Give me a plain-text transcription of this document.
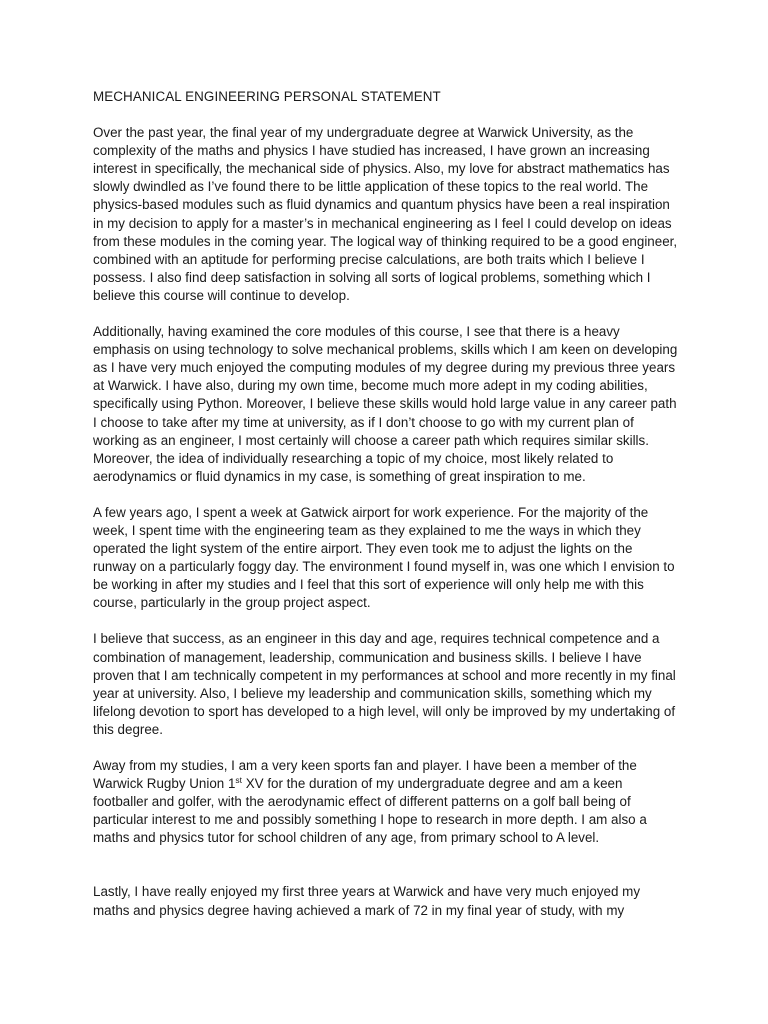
MECHANICAL ENGINEERING PERSONAL STATEMENT

Over the past year, the final year of my undergraduate degree at Warwick University, as the complexity of the maths and physics I have studied has increased, I have grown an increasing interest in specifically, the mechanical side of physics. Also, my love for abstract mathematics has slowly dwindled as I’ve found there to be little application of these topics to the real world. The physics-based modules such as fluid dynamics and quantum physics have been a real inspiration in my decision to apply for a master’s in mechanical engineering as I feel I could develop on ideas from these modules in the coming year. The logical way of thinking required to be a good engineer, combined with an aptitude for performing precise calculations, are both traits which I believe I possess. I also find deep satisfaction in solving all sorts of logical problems, something which I believe this course will continue to develop.

Additionally, having examined the core modules of this course, I see that there is a heavy emphasis on using technology to solve mechanical problems, skills which I am keen on developing as I have very much enjoyed the computing modules of my degree during my previous three years at Warwick. I have also, during my own time, become much more adept in my coding abilities, specifically using Python. Moreover, I believe these skills would hold large value in any career path I choose to take after my time at university, as if I don’t choose to go with my current plan of working as an engineer, I most certainly will choose a career path which requires similar skills. Moreover, the idea of individually researching a topic of my choice, most likely related to aerodynamics or fluid dynamics in my case, is something of great inspiration to me.

A few years ago, I spent a week at Gatwick airport for work experience. For the majority of the week, I spent time with the engineering team as they explained to me the ways in which they operated the light system of the entire airport. They even took me to adjust the lights on the runway on a particularly foggy day. The environment I found myself in, was one which I envision to be working in after my studies and I feel that this sort of experience will only help me with this course, particularly in the group project aspect.

I believe that success, as an engineer in this day and age, requires technical competence and a combination of management, leadership, communication and business skills. I believe I have proven that I am technically competent in my performances at school and more recently in my final year at university. Also, I believe my leadership and communication skills, something which my lifelong devotion to sport has developed to a high level, will only be improved by my undertaking of this degree.

Away from my studies, I am a very keen sports fan and player. I have been a member of the Warwick Rugby Union 1st XV for the duration of my undergraduate degree and am a keen footballer and golfer, with the aerodynamic effect of different patterns on a golf ball being of particular interest to me and possibly something I hope to research in more depth. I am also a maths and physics tutor for school children of any age, from primary school to A level.

Lastly, I have really enjoyed my first three years at Warwick and have very much enjoyed my maths and physics degree having achieved a mark of 72 in my final year of study, with my
